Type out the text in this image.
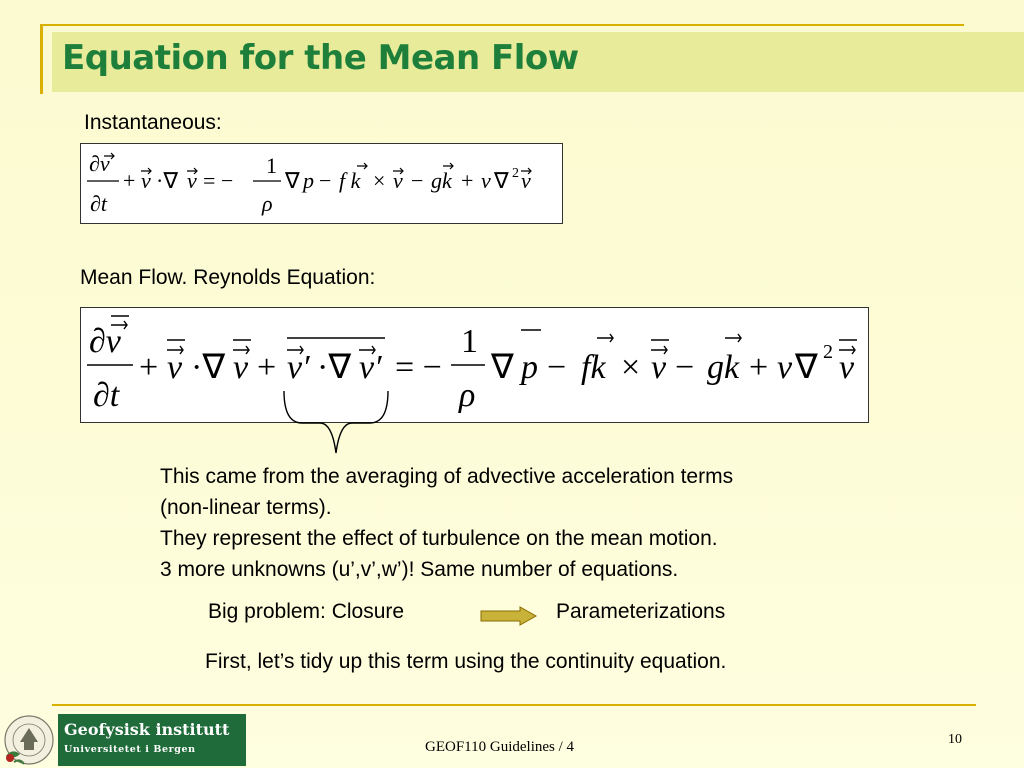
Equation for the Mean Flow
Instantaneous:
∂v
∂t
+ v ·∇ v = −
1
ρ
∇ p − f k × v − gk + ν ∇ 2 v
Mean Flow. Reynolds Equation:
∂v
∂t
+ v ·∇ v + v′ ·∇ v′ = −
1
ρ
∇ p − fk × v − gk + ν ∇ 2 v
This came from the averaging of advective acceleration terms
(non-linear terms).
They represent the effect of turbulence on the mean motion.
3 more unknowns (u’,v’,w’)! Same number of equations.
Big problem: Closure	Parameterizations
First, let’s tidy up this term using the continuity equation.
Geofysisk institutt
Universitetet i Bergen	GEOF110 Guidelines / 4	10
